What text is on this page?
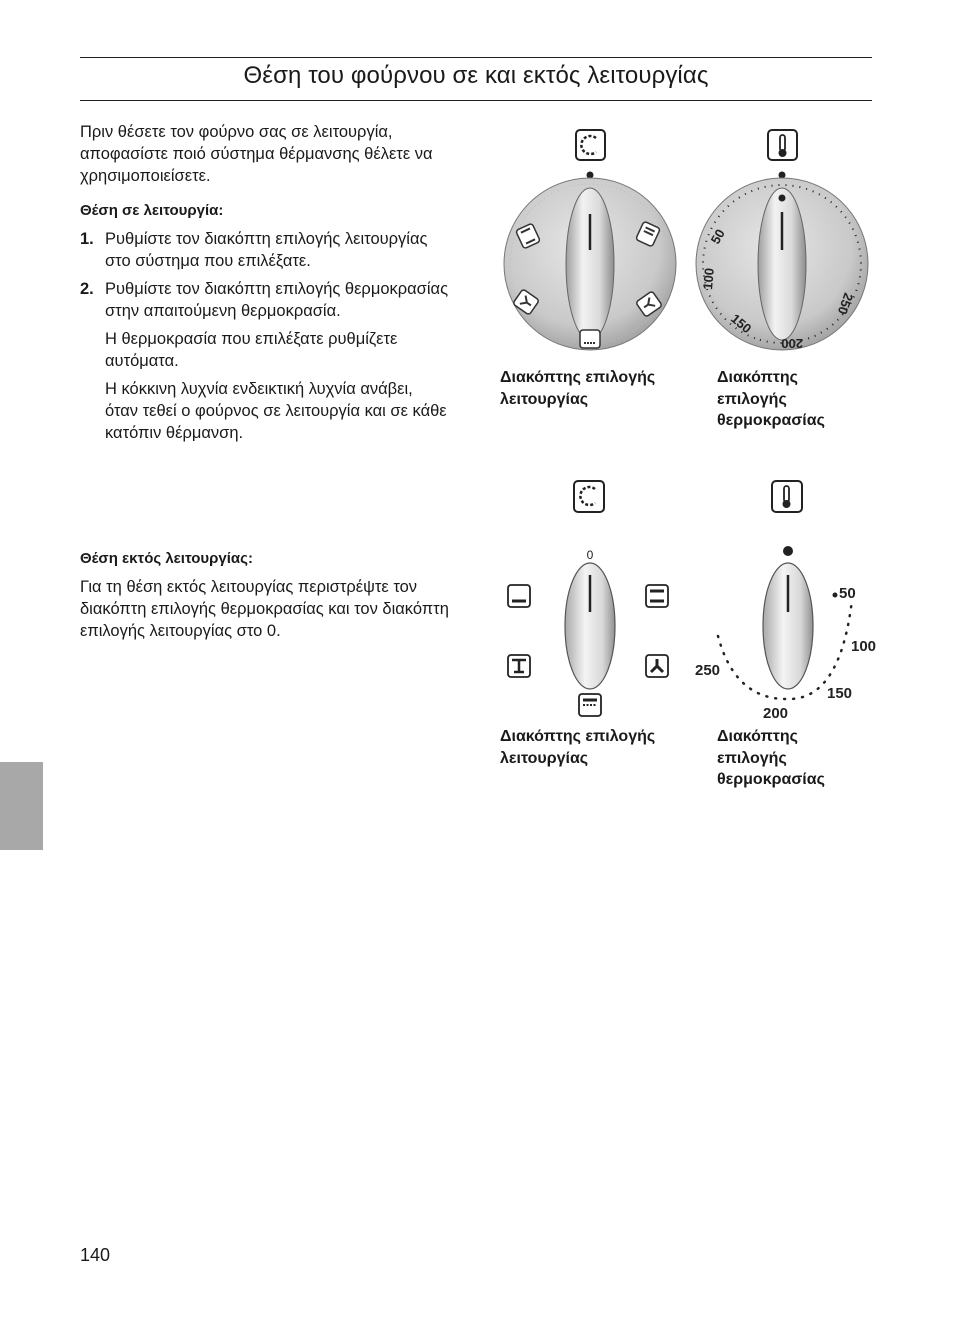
Θέση του φούρνου σε και εκτός λειτουργίας

Πριν θέσετε τον φούρνο σας σε λειτουργία, αποφασίστε ποιό σύστημα θέρμανσης θέλετε να χρησιμοποιείσετε.

Θέση σε λειτουργία:

1. Ρυθμίστε τον διακόπτη επιλογής λειτουργίας στο σύστημα που επιλέξατε.
2. Ρυθμίστε τον διακόπτη επιλογής θερμοκρασίας στην απαιτούμενη θερμοκρασία.

Η θερμοκρασία που επιλέξατε ρυθμίζετε αυτόματα.

Η κόκκινη λυχνία ενδεικτική λυχνία ανάβει, όταν τεθεί ο φούρνος σε λειτουργία και σε κάθε κατόπιν θέρμανση.

Θέση εκτός λειτουργίας:

Για τη θέση εκτός λειτουργίας περιστρέψτε τον διακόπτη επιλογής θερμοκρασίας και τον διακόπτη επιλογής λειτουργίας στο 0.

50
100
150
200
250
Διακόπτης επιλογής λειτουργίας
Διακόπτης επιλογής θερμοκρασίας
0
50
100
150
200
250
Διακόπτης επιλογής λειτουργίας
Διακόπτης επιλογής θερμοκρασίας
140
